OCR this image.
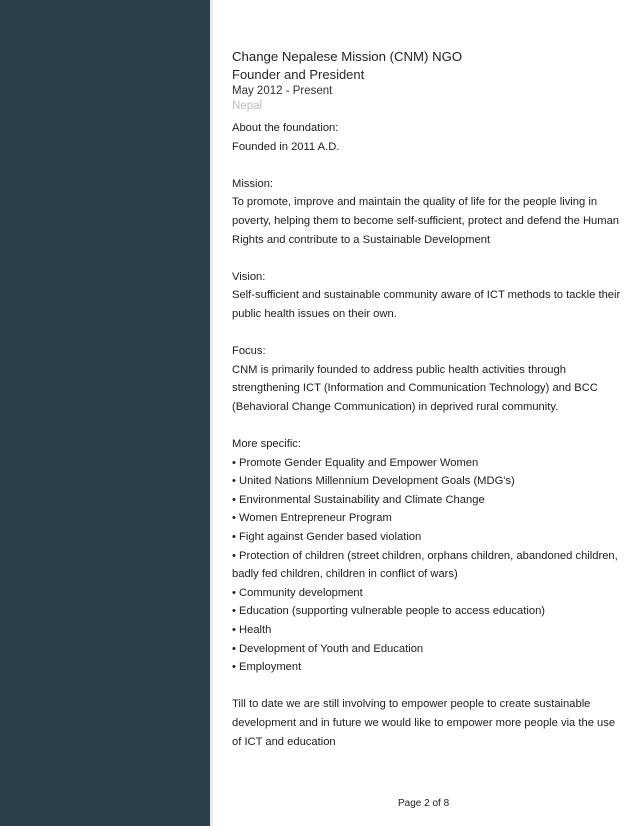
Change Nepalese Mission (CNM) NGO
Founder and President
May 2012 - Present
Nepal
About the foundation:
Founded in 2011 A.D.
Mission:
To promote, improve and maintain the quality of life for the people living in
poverty, helping them to become self-sufficient, protect and defend the Human
Rights and contribute to a Sustainable Development
Vision:
Self-sufficient and sustainable community aware of ICT methods to tackle their
public health issues on their own.
Focus:
CNM is primarily founded to address public health activities through
strengthening ICT (Information and Communication Technology) and BCC
(Behavioral Change Communication) in deprived rural community.
More specific:
• Promote Gender Equality and Empower Women
• United Nations Millennium Development Goals (MDG's)
• Environmental Sustainability and Climate Change
• Women Entrepreneur Program
• Fight against Gender based violation
• Protection of children (street children, orphans children, abandoned children,
badly fed children, children in conflict of wars)
• Community development
• Education (supporting vulnerable people to access education)
• Health
• Development of Youth and Education
• Employment
Till to date we are still involving to empower people to create sustainable
development and in future we would like to empower more people via the use
of ICT and education
Page 2 of 8
